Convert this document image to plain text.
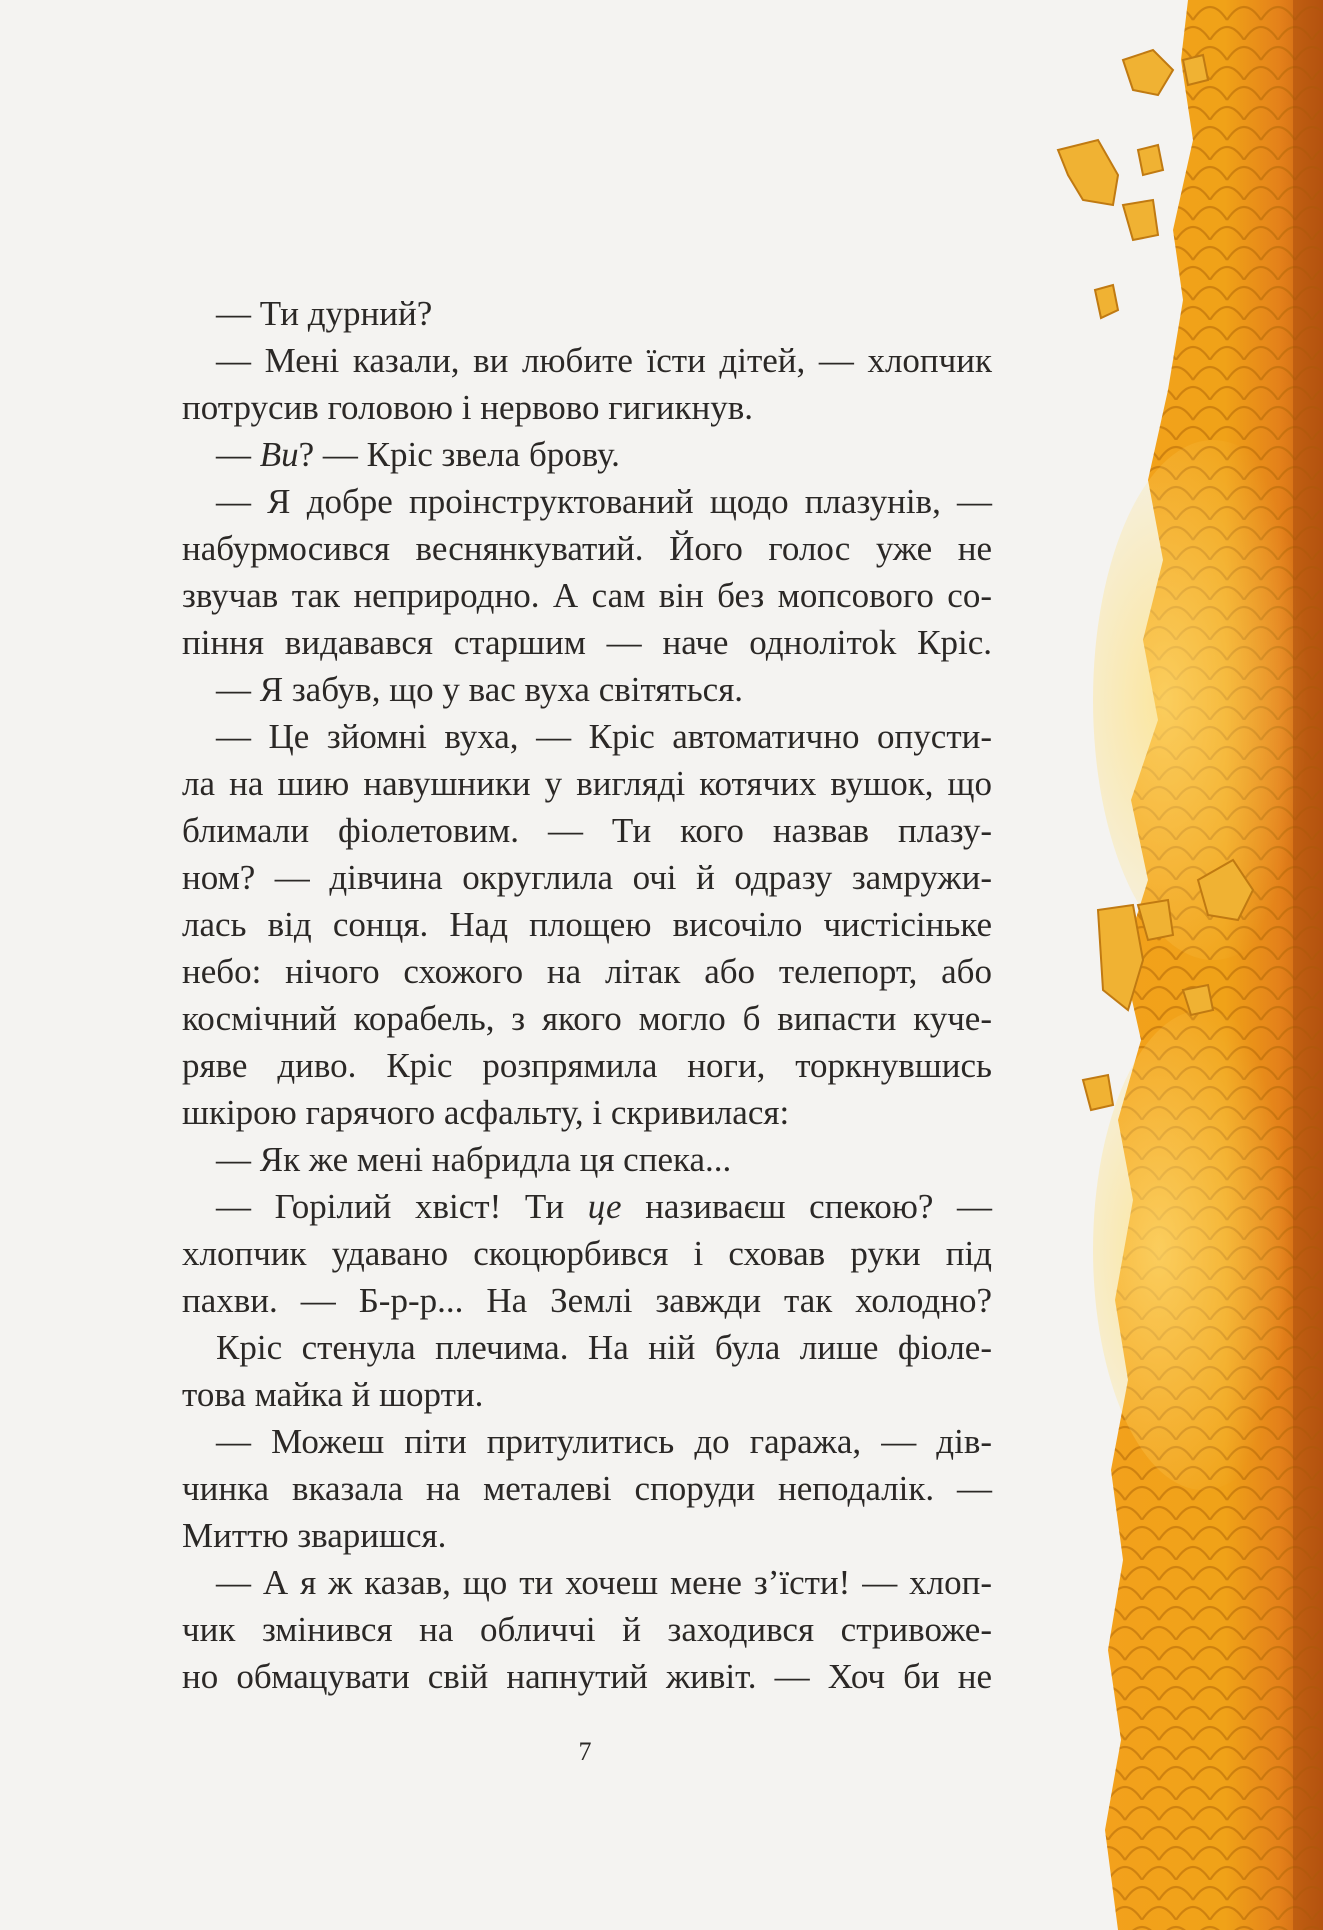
— Ти дурний?
— Мені казали, ви любите їсти дітей, — хлопчик
потрусив головою і нервово гигикнув.
— Ви? — Кріс звела брову.
— Я добре проінструктований щодо плазунів, —
набурмосився веснянкуватий. Його голос уже не
звучав так неприродно. А сам він без мопсового со-
піння видавався старшим — наче однолітоk Кріс.
— Я забув, що у вас вуха світяться.
— Це зйомні вуха, — Кріс автоматично опусти-
ла на шию навушники у вигляді котячих вушок, що
блимали фіолетовим. — Ти кого назвав плазу-
ном? — дівчина округлила очі й одразу замружи-
лась від сонця. Над площею височіло чистісіньке
небо: нічого схожого на літак або телепорт, або
космічний корабель, з якого могло б випасти куче-
ряве диво. Кріс розпрямила ноги, торкнувшись
шкірою гарячого асфальту, і скривилася:
— Як же мені набридла ця спека...
— Горілий хвіст! Ти це називаєш спекою? —
хлопчик удавано скоцюрбився і сховав руки під
пахви. — Б-р-р... На Землі завжди так холодно?
Кріс стенула плечима. На ній була лише фіоле-
това майка й шорти.
— Можеш піти притулитись до гаража, — дів-
чинка вказала на металеві споруди неподалік. —
Миттю зваришся.
— А я ж казав, що ти хочеш мене з’їсти! — хлоп-
чик змінився на обличчі й заходився стривоже-
но обмацувати свій напнутий живіт. — Хоч би не
7
